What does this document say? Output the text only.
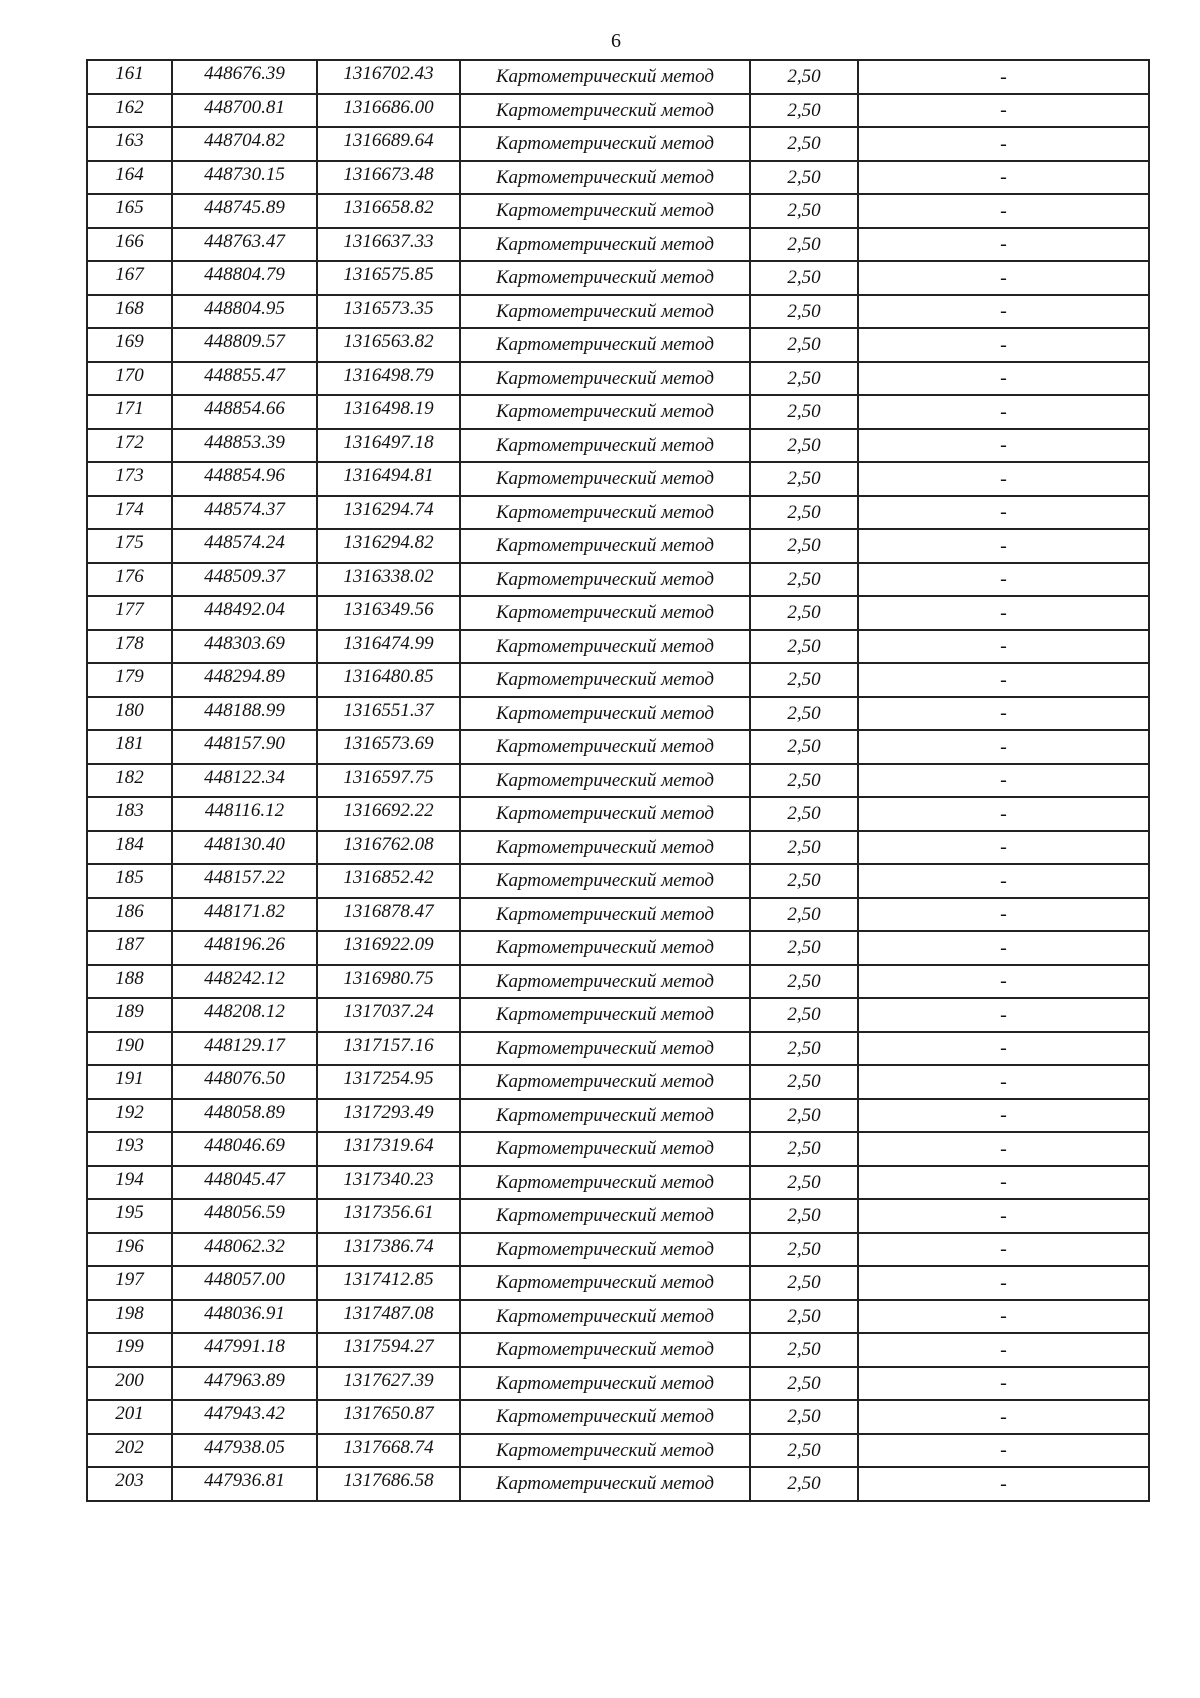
6
161	448676.39	1316702.43	Картометрический метод	2,50	-
162	448700.81	1316686.00	Картометрический метод	2,50	-
163	448704.82	1316689.64	Картометрический метод	2,50	-
164	448730.15	1316673.48	Картометрический метод	2,50	-
165	448745.89	1316658.82	Картометрический метод	2,50	-
166	448763.47	1316637.33	Картометрический метод	2,50	-
167	448804.79	1316575.85	Картометрический метод	2,50	-
168	448804.95	1316573.35	Картометрический метод	2,50	-
169	448809.57	1316563.82	Картометрический метод	2,50	-
170	448855.47	1316498.79	Картометрический метод	2,50	-
171	448854.66	1316498.19	Картометрический метод	2,50	-
172	448853.39	1316497.18	Картометрический метод	2,50	-
173	448854.96	1316494.81	Картометрический метод	2,50	-
174	448574.37	1316294.74	Картометрический метод	2,50	-
175	448574.24	1316294.82	Картометрический метод	2,50	-
176	448509.37	1316338.02	Картометрический метод	2,50	-
177	448492.04	1316349.56	Картометрический метод	2,50	-
178	448303.69	1316474.99	Картометрический метод	2,50	-
179	448294.89	1316480.85	Картометрический метод	2,50	-
180	448188.99	1316551.37	Картометрический метод	2,50	-
181	448157.90	1316573.69	Картометрический метод	2,50	-
182	448122.34	1316597.75	Картометрический метод	2,50	-
183	448116.12	1316692.22	Картометрический метод	2,50	-
184	448130.40	1316762.08	Картометрический метод	2,50	-
185	448157.22	1316852.42	Картометрический метод	2,50	-
186	448171.82	1316878.47	Картометрический метод	2,50	-
187	448196.26	1316922.09	Картометрический метод	2,50	-
188	448242.12	1316980.75	Картометрический метод	2,50	-
189	448208.12	1317037.24	Картометрический метод	2,50	-
190	448129.17	1317157.16	Картометрический метод	2,50	-
191	448076.50	1317254.95	Картометрический метод	2,50	-
192	448058.89	1317293.49	Картометрический метод	2,50	-
193	448046.69	1317319.64	Картометрический метод	2,50	-
194	448045.47	1317340.23	Картометрический метод	2,50	-
195	448056.59	1317356.61	Картометрический метод	2,50	-
196	448062.32	1317386.74	Картометрический метод	2,50	-
197	448057.00	1317412.85	Картометрический метод	2,50	-
198	448036.91	1317487.08	Картометрический метод	2,50	-
199	447991.18	1317594.27	Картометрический метод	2,50	-
200	447963.89	1317627.39	Картометрический метод	2,50	-
201	447943.42	1317650.87	Картометрический метод	2,50	-
202	447938.05	1317668.74	Картометрический метод	2,50	-
203	447936.81	1317686.58	Картометрический метод	2,50	-
